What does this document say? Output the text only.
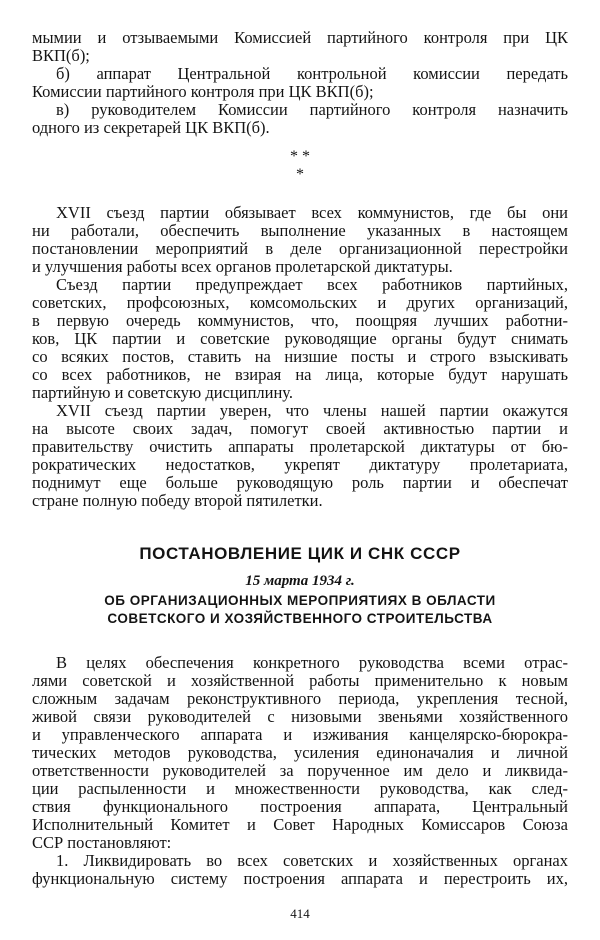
мымии и отзываемыми Комиссией партийного контроля при ЦК
ВКП(б);
б) аппарат Центральной контрольной комиссии передать
Комиссии партийного контроля при ЦК ВКП(б);
в) руководителем Комиссии партийного контроля назначить
одного из секретарей ЦК ВКП(б).
* *
*
XVII съезд партии обязывает всех коммунистов, где бы они
ни работали, обеспечить выполнение указанных в настоящем
постановлении мероприятий в деле организационной перестройки
и улучшения работы всех органов пролетарской диктатуры.
Съезд партии предупреждает всех работников партийных,
советских, профсоюзных, комсомольских и других организаций,
в первую очередь коммунистов, что, поощряя лучших работни-
ков, ЦК партии и советские руководящие органы будут снимать
со всяких постов, ставить на низшие посты и строго взыскивать
со всех работников, не взирая на лица, которые будут нарушать
партийную и советскую дисциплину.
XVII съезд партии уверен, что члены нашей партии окажутся
на высоте своих задач, помогут своей активностью партии и
правительству очистить аппараты пролетарской диктатуры от бю-
рократических недостатков, укрепят диктатуру пролетариата,
поднимут еще больше руководящую роль партии и обеспечат
стране полную победу второй пятилетки.
ПОСТАНОВЛЕНИЕ ЦИК И СНК СССР
15 марта 1934 г.
ОБ ОРГАНИЗАЦИОННЫХ МЕРОПРИЯТИЯХ В ОБЛАСТИ
СОВЕТСКОГО И ХОЗЯЙСТВЕННОГО СТРОИТЕЛЬСТВА
В целях обеспечения конкретного руководства всеми отрас-
лями советской и хозяйственной работы применительно к новым
сложным задачам реконструктивного периода, укрепления тесной,
живой связи руководителей с низовыми звеньями хозяйственного
и управленческого аппарата и изживания канцелярско-бюрокра-
тических методов руководства, усиления единоначалия и личной
ответственности руководителей за порученное им дело и ликвида-
ции распыленности и множественности руководства, как след-
ствия функционального построения аппарата, Центральный
Исполнительный Комитет и Совет Народных Комиссаров Союза
ССР постановляют:
1. Ликвидировать во всех советских и хозяйственных органах
функциональную систему построения аппарата и перестроить их,
414
